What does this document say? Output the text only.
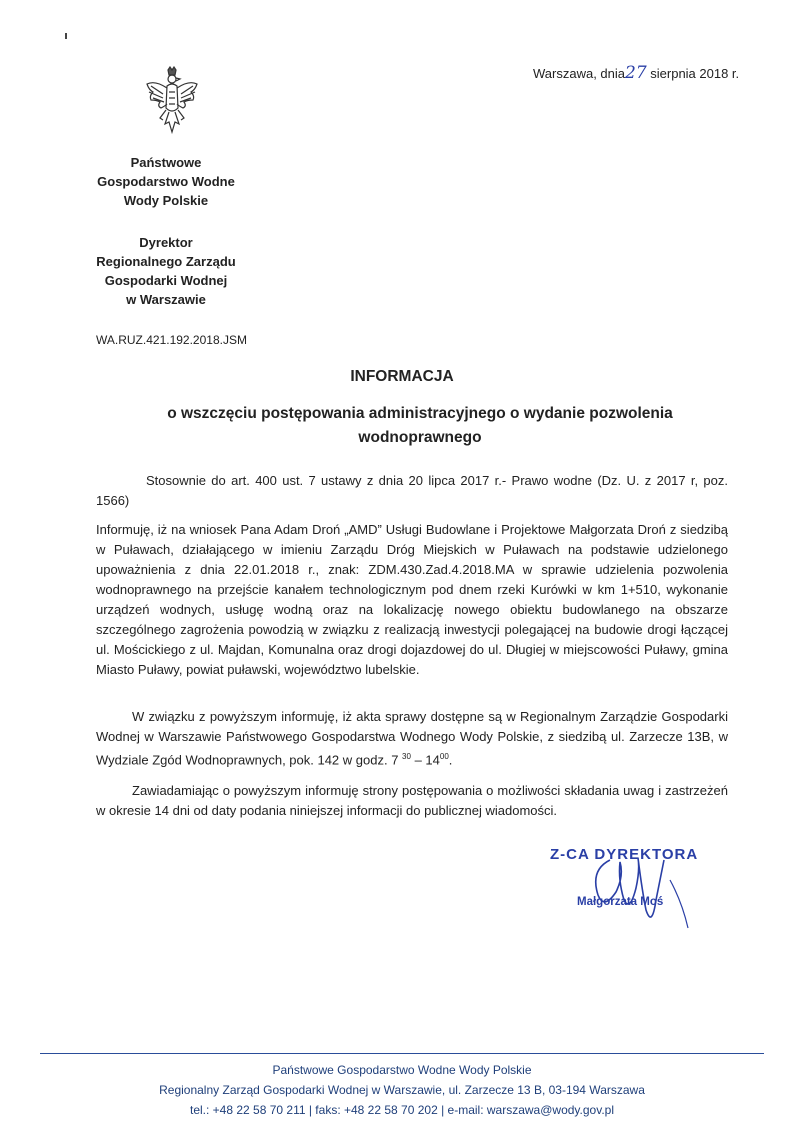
Warszawa, dnia27 sierpnia 2018 r.
Państwowe
Gospodarstwo Wodne
Wody Polskie
Dyrektor
Regionalnego Zarządu
Gospodarki Wodnej
w Warszawie
WA.RUZ.421.192.2018.JSM
INFORMACJA
o wszczęciu postępowania administracyjnego o wydanie pozwolenia wodnoprawnego
Stosownie do art. 400 ust. 7 ustawy z dnia 20 lipca 2017 r.- Prawo wodne (Dz. U. z 2017 r, poz. 1566)
Informuję, iż na wniosek Pana Adam Droń „AMD” Usługi Budowlane i Projektowe Małgorzata Droń z siedzibą w Puławach, działającego w imieniu Zarządu Dróg Miejskich w Puławach na podstawie udzielonego upoważnienia z dnia 22.01.2018 r., znak: ZDM.430.Zad.4.2018.MA w sprawie udzielenia pozwolenia wodnoprawnego na przejście kanałem technologicznym pod dnem rzeki Kurówki w km 1+510, wykonanie urządzeń wodnych, usługę wodną oraz na lokalizację nowego obiektu budowlanego na obszarze szczególnego zagrożenia powodzią w związku z realizacją inwestycji polegającej na budowie drogi łączącej ul. Mościckiego z ul. Majdan, Komunalna oraz drogi dojazdowej do ul. Długiej w miejscowości Puławy, gmina Miasto Puławy, powiat puławski, województwo lubelskie.
W związku z powyższym informuję, iż akta sprawy dostępne są w Regionalnym Zarządzie Gospodarki Wodnej w Warszawie Państwowego Gospodarstwa Wodnego Wody Polskie, z siedzibą ul. Zarzecze 13B, w Wydziale Zgód Wodnoprawnych, pok. 142 w godz. 7 $^{30} - 14^{00}$.
Zawiadamiając o powyższym informuję strony postępowania o możliwości składania uwag i zastrzeżeń w okresie 14 dni od daty podania niniejszej informacji do publicznej wiadomości.
Z-CA DYREKTORA
Małgorzata Moś
Państwowe Gospodarstwo Wodne Wody Polskie
Regionalny Zarząd Gospodarki Wodnej w Warszawie, ul. Zarzecze 13 B, 03-194 Warszawa
tel.: +48 22 58 70 211 | faks: +48 22 58 70 202 | e-mail: warszawa@wody.gov.pl
